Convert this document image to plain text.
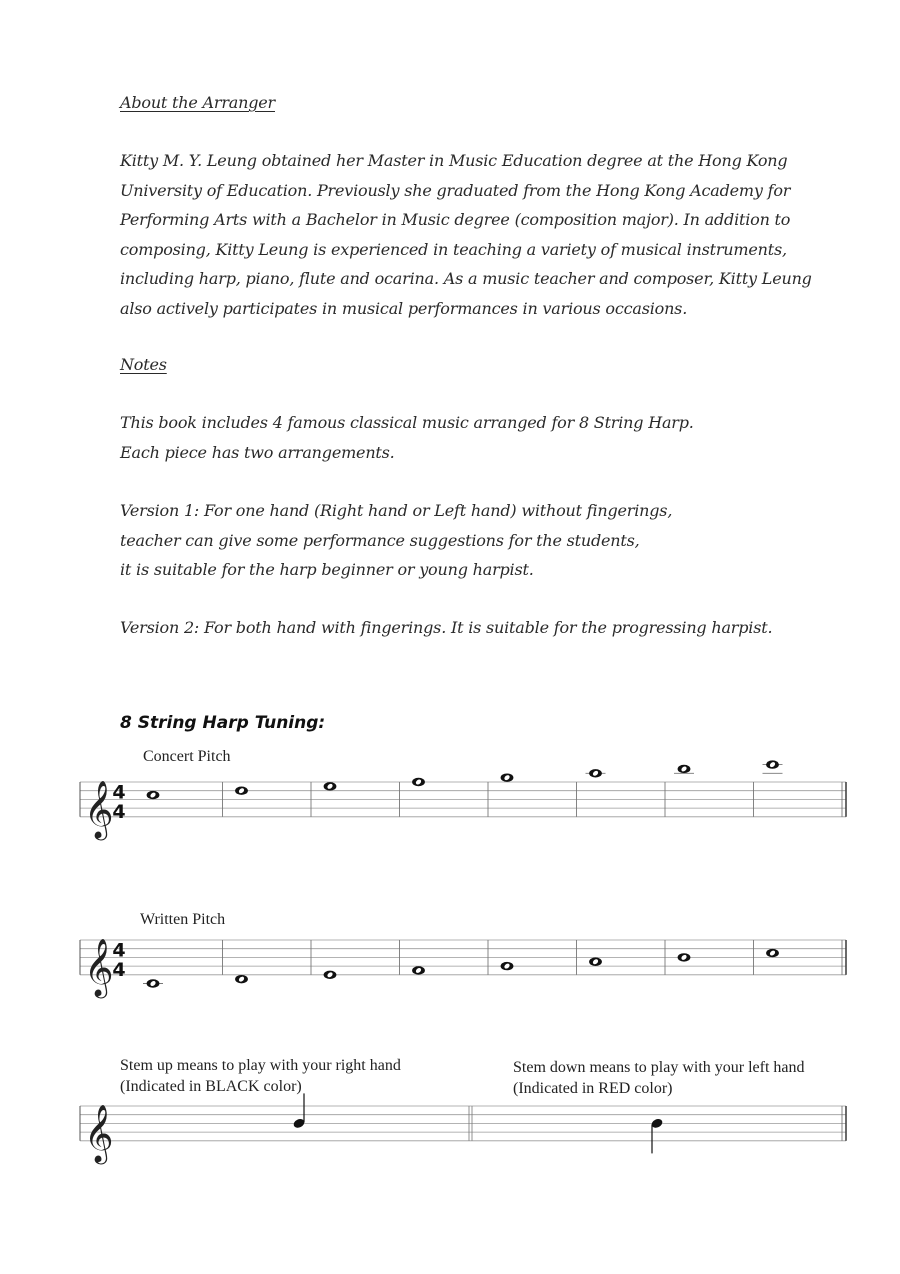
About the Arranger
Kitty M. Y. Leung obtained her Master in Music Education degree at the Hong Kong
University of Education. Previously she graduated from the Hong Kong Academy for
Performing Arts with a Bachelor in Music degree (composition major). In addition to
composing, Kitty Leung is experienced in teaching a variety of musical instruments,
including harp, piano, flute and ocarina. As a music teacher and composer, Kitty Leung
also actively participates in musical performances in various occasions.
Notes
This book includes 4 famous classical music arranged for 8 String Harp.
Each piece has two arrangements.
Version 1: For one hand (Right hand or Left hand) without fingerings,
teacher can give some performance suggestions for the students,
it is suitable for the harp beginner or young harpist.
Version 2: For both hand with fingerings. It is suitable for the progressing harpist.
8 String Harp Tuning:
Concert Pitch
𝄞
4
4
Written Pitch
𝄞
4
4
Stem up means to play with your right hand
(Indicated in BLACK color)
Stem down means to play with your left hand
(Indicated in RED color)
𝄞
